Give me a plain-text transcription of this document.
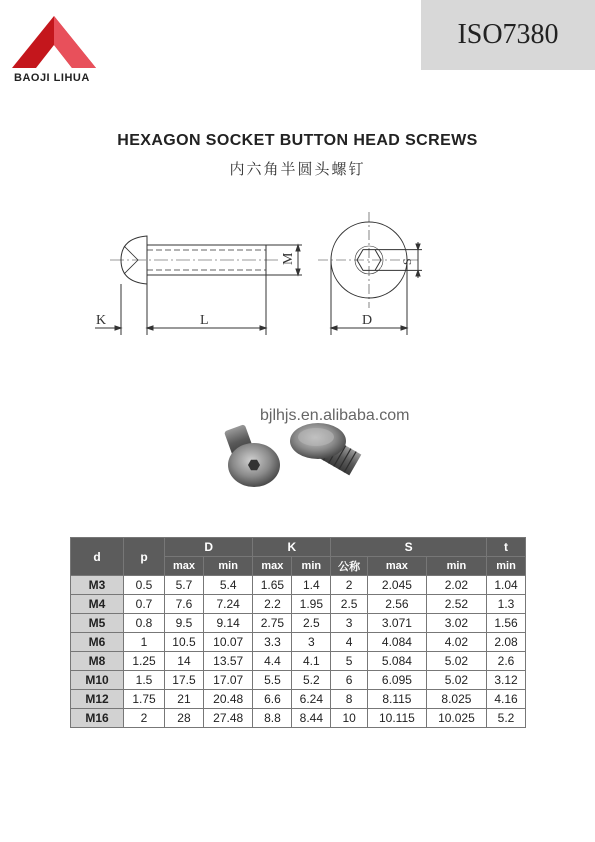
BAOJI LIHUA
ISO7380
HEXAGON SOCKET BUTTON HEAD SCREWS
内六角半圆头螺钉
K	L
M	S
D
bjlhjs.en.alibaba.com
d	p	D		K		S			t
		max	min	max	min	公称	max	min	min
M3	0.5	5.7	5.4	1.65	1.4	2	2.045	2.02	1.04
M4	0.7	7.6	7.24	2.2	1.95	2.5	2.56	2.52	1.3
M5	0.8	9.5	9.14	2.75	2.5	3	3.071	3.02	1.56
M6	1	10.5	10.07	3.3	3	4	4.084	4.02	2.08
M8	1.25	14	13.57	4.4	4.1	5	5.084	5.02	2.6
M10	1.5	17.5	17.07	5.5	5.2	6	6.095	5.02	3.12
M12	1.75	21	20.48	6.6	6.24	8	8.115	8.025	4.16
M16	2	28	27.48	8.8	8.44	10	10.115	10.025	5.2
